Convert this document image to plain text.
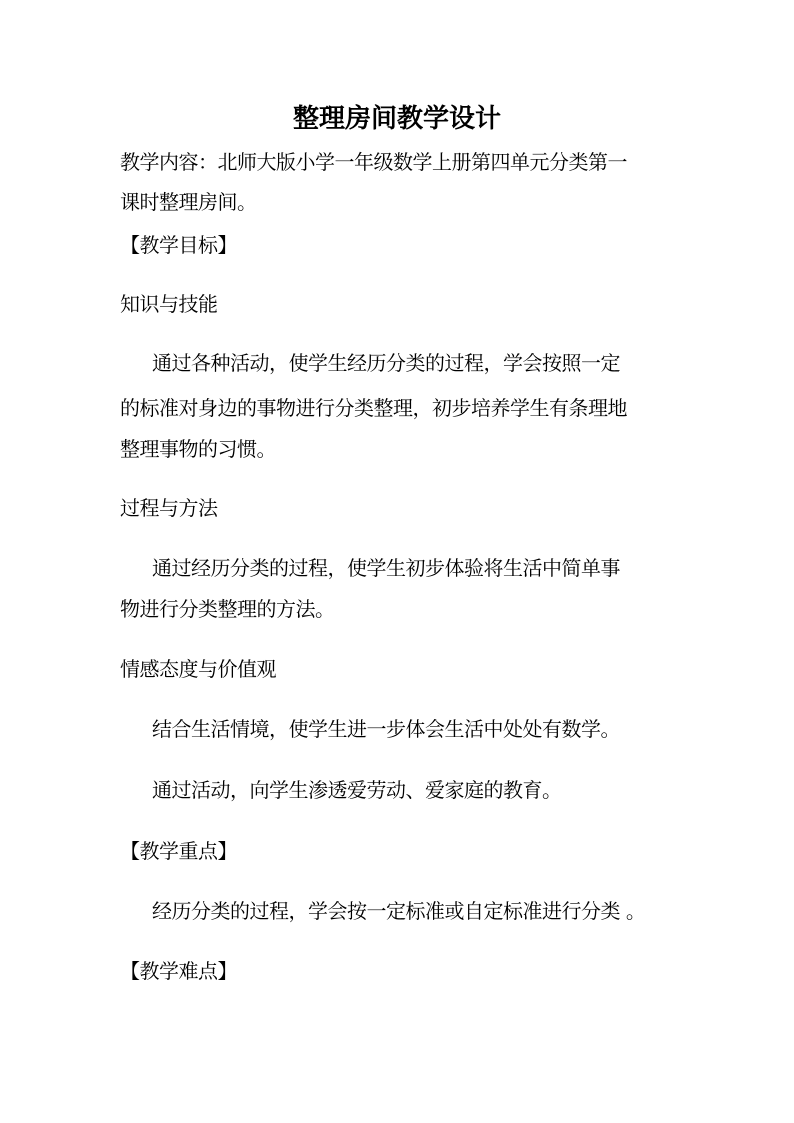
整理房间教学设计
教学内容：北师大版小学一年级数学上册第四单元分类第一
课时整理房间。
【教学目标】
知识与技能
通过各种活动，使学生经历分类的过程，学会按照一定
的标准对身边的事物进行分类整理，初步培养学生有条理地
整理事物的习惯。
过程与方法
通过经历分类的过程，使学生初步体验将生活中简单事
物进行分类整理的方法。
情感态度与价值观
结合生活情境，使学生进一步体会生活中处处有数学。
通过活动，向学生渗透爱劳动、爱家庭的教育。
【教学重点】
经历分类的过程，学会按一定标准或自定标准进行分类 。
【教学难点】
